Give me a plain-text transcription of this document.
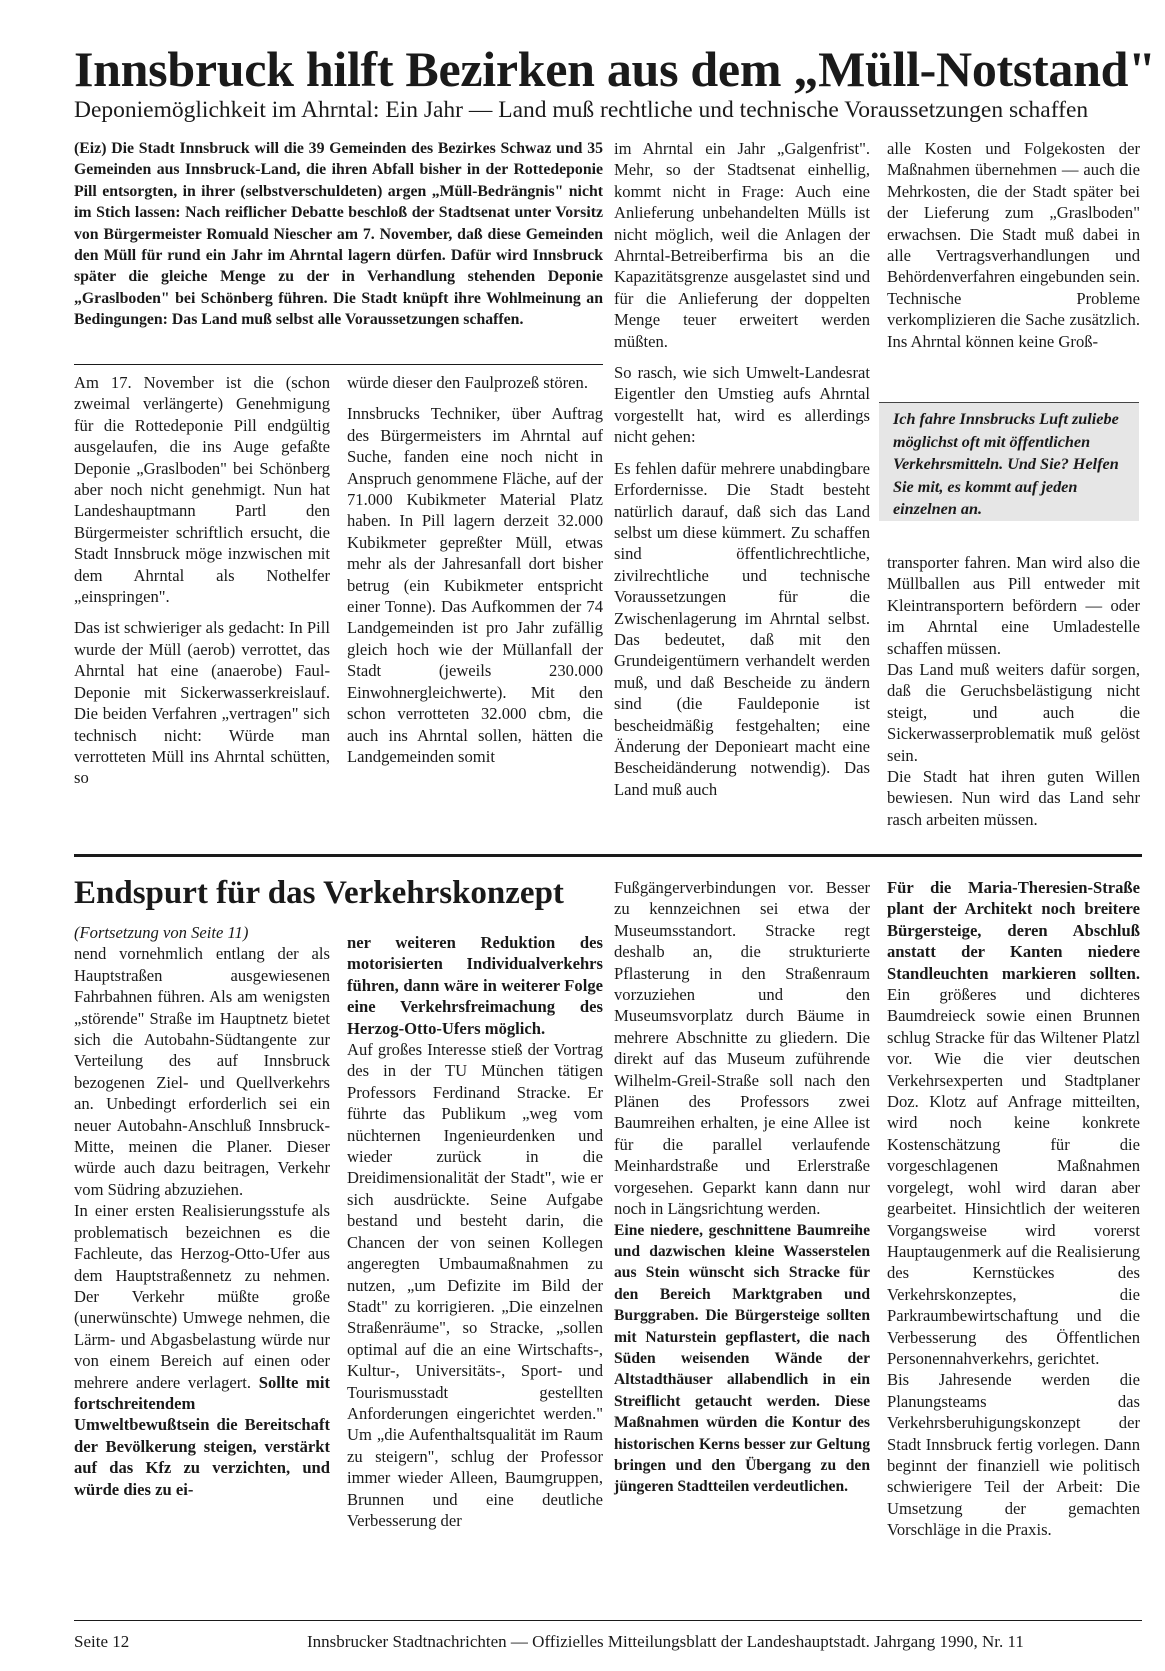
Innsbruck hilft Bezirken aus dem „Müll-Notstand"
Deponiemöglichkeit im Ahrntal: Ein Jahr — Land muß rechtliche und technische Voraussetzungen schaffen
(Eiz) Die Stadt Innsbruck will die 39 Gemeinden des Bezirkes Schwaz und 35 Gemeinden aus Innsbruck-Land, die ihren Abfall bisher in der Rottedeponie Pill entsorgten, in ihrer (selbstverschuldeten) argen „Müll-Bedrängnis" nicht im Stich lassen: Nach reiflicher Debatte beschloß der Stadtsenat unter Vorsitz von Bürgermeister Romuald Niescher am 7. November, daß diese Gemeinden den Müll für rund ein Jahr im Ahrntal lagern dürfen. Dafür wird Innsbruck später die gleiche Menge zu der in Verhandlung stehenden Deponie „Graslboden" bei Schönberg führen. Die Stadt knüpft ihre Wohlmeinung an Bedingungen: Das Land muß selbst alle Voraussetzungen schaffen.

Am 17. November ist die (schon zweimal verlängerte) Genehmigung für die Rottedeponie Pill endgültig ausgelaufen, die ins Auge gefaßte Deponie „Graslboden" bei Schönberg aber noch nicht genehmigt. Nun hat Landeshauptmann Partl den Bürgermeister schriftlich ersucht, die Stadt Innsbruck möge inzwischen mit dem Ahrntal als Nothelfer „einspringen".

Das ist schwieriger als gedacht: In Pill wurde der Müll (aerob) verrottet, das Ahrntal hat eine (anaerobe) Faul-Deponie mit Sickerwasserkreislauf. Die beiden Verfahren „vertragen" sich technisch nicht: Würde man verrotteten Müll ins Ahrntal schütten, so

würde dieser den Faulprozeß stören.

Innsbrucks Techniker, über Auftrag des Bürgermeisters im Ahrntal auf Suche, fanden eine noch nicht in Anspruch genommene Fläche, auf der 71.000 Kubikmeter Material Platz haben. In Pill lagern derzeit 32.000 Kubikmeter gepreßter Müll, etwas mehr als der Jahresanfall dort bisher betrug (ein Kubikmeter entspricht einer Tonne). Das Aufkommen der 74 Landgemeinden ist pro Jahr zufällig gleich hoch wie der Müllanfall der Stadt (jeweils 230.000 Einwohnergleichwerte). Mit den schon verrotteten 32.000 cbm, die auch ins Ahrntal sollen, hätten die Landgemeinden somit

im Ahrntal ein Jahr „Galgenfrist". Mehr, so der Stadtsenat einhellig, kommt nicht in Frage: Auch eine Anlieferung unbehandelten Mülls ist nicht möglich, weil die Anlagen der Ahrntal-Betreiberfirma bis an die Kapazitätsgrenze ausgelastet sind und für die Anlieferung der doppelten Menge teuer erweitert werden müßten.

So rasch, wie sich Umwelt-Landesrat Eigentler den Umstieg aufs Ahrntal vorgestellt hat, wird es allerdings nicht gehen:

Es fehlen dafür mehrere unabdingbare Erfordernisse. Die Stadt besteht natürlich darauf, daß sich das Land selbst um diese kümmert. Zu schaffen sind öffentlichrechtliche, zivilrechtliche und technische Voraussetzungen für die Zwischenlagerung im Ahrntal selbst. Das bedeutet, daß mit den Grundeigentümern verhandelt werden muß, und daß Bescheide zu ändern sind (die Fauldeponie ist bescheidmäßig festgehalten; eine Änderung der Deponieart macht eine Bescheidänderung notwendig). Das Land muß auch

alle Kosten und Folgekosten der Maßnahmen übernehmen — auch die Mehrkosten, die der Stadt später bei der Lieferung zum „Graslboden" erwachsen. Die Stadt muß dabei in alle Vertragsverhandlungen und Behördenverfahren eingebunden sein. Technische Probleme verkomplizieren die Sache zusätzlich. Ins Ahrntal können keine Groß-

Ich fahre Innsbrucks Luft zuliebe möglichst oft mit öffentlichen Verkehrsmitteln. Und Sie? Helfen Sie mit, es kommt auf jeden einzelnen an.

transporter fahren. Man wird also die Müllballen aus Pill entweder mit Kleintransportern befördern — oder im Ahrntal eine Umladestelle schaffen müssen.

Das Land muß weiters dafür sorgen, daß die Geruchsbelästigung nicht steigt, und auch die Sickerwasserproblematik muß gelöst sein.

Die Stadt hat ihren guten Willen bewiesen. Nun wird das Land sehr rasch arbeiten müssen.

Endspurt für das Verkehrskonzept

(Fortsetzung von Seite 11)

nend vornehmlich entlang der als Hauptstraßen ausgewiesenen Fahrbahnen führen. Als am wenigsten „störende" Straße im Hauptnetz bietet sich die Autobahn-Südtangente zur Verteilung des auf Innsbruck bezogenen Ziel- und Quellverkehrs an. Unbedingt erforderlich sei ein neuer Autobahn-Anschluß Innsbruck-Mitte, meinen die Planer. Dieser würde auch dazu beitragen, Verkehr vom Südring abzuziehen.

In einer ersten Realisierungsstufe als problematisch bezeichnen es die Fachleute, das Herzog-Otto-Ufer aus dem Hauptstraßennetz zu nehmen. Der Verkehr müßte große (unerwünschte) Umwege nehmen, die Lärm- und Abgasbelastung würde nur von einem Bereich auf einen oder mehrere andere verlagert. Sollte mit fortschreitendem Umweltbewußtsein die Bereitschaft der Bevölkerung steigen, verstärkt auf das Kfz zu verzichten, und würde dies zu ei-

ner weiteren Reduktion des motorisierten Individualverkehrs führen, dann wäre in weiterer Folge eine Verkehrsfreimachung des Herzog-Otto-Ufers möglich.

Auf großes Interesse stieß der Vortrag des in der TU München tätigen Professors Ferdinand Stracke. Er führte das Publikum „weg vom nüchternen Ingenieurdenken und wieder zurück in die Dreidimensionalität der Stadt", wie er sich ausdrückte. Seine Aufgabe bestand und besteht darin, die Chancen der von seinen Kollegen angeregten Umbaumaßnahmen zu nutzen, „um Defizite im Bild der Stadt" zu korrigieren. „Die einzelnen Straßenräume", so Stracke, „sollen optimal auf die an eine Wirtschafts-, Kultur-, Universitäts-, Sport- und Tourismusstadt gestellten Anforderungen eingerichtet werden." Um „die Aufenthaltsqualität im Raum zu steigern", schlug der Professor immer wieder Alleen, Baumgruppen, Brunnen und eine deutliche Verbesserung der

Fußgängerverbindungen vor. Besser zu kennzeichnen sei etwa der Museumsstandort. Stracke regt deshalb an, die strukturierte Pflasterung in den Straßenraum vorzuziehen und den Museumsvorplatz durch Bäume in mehrere Abschnitte zu gliedern. Die direkt auf das Museum zuführende Wilhelm-Greil-Straße soll nach den Plänen des Professors zwei Baumreihen erhalten, je eine Allee ist für die parallel verlaufende Meinhardstraße und Erlerstraße vorgesehen. Geparkt kann dann nur noch in Längsrichtung werden.

Eine niedere, geschnittene Baumreihe und dazwischen kleine Wasserstelen aus Stein wünscht sich Stracke für den Bereich Marktgraben und Burggraben. Die Bürgersteige sollten mit Naturstein gepflastert, die nach Süden weisenden Wände der Altstadthäuser allabendlich in ein Streiflicht getaucht werden. Diese Maßnahmen würden die Kontur des historischen Kerns besser zur Geltung bringen und den Übergang zu den jüngeren Stadtteilen verdeutlichen.

Für die Maria-Theresien-Straße plant der Architekt noch breitere Bürgersteige, deren Abschluß anstatt der Kanten niedere Standleuchten markieren sollten. Ein größeres und dichteres Baumdreieck sowie einen Brunnen schlug Stracke für das Wiltener Platzl vor. Wie die vier deutschen Verkehrsexperten und Stadtplaner Doz. Klotz auf Anfrage mitteilten, wird noch keine konkrete Kostenschätzung für die vorgeschlagenen Maßnahmen vorgelegt, wohl wird daran aber gearbeitet. Hinsichtlich der weiteren Vorgangsweise wird vorerst Hauptaugenmerk auf die Realisierung des Kernstückes des Verkehrskonzeptes, die Parkraumbewirtschaftung und die Verbesserung des Öffentlichen Personennahverkehrs, gerichtet.

Bis Jahresende werden die Planungsteams das Verkehrsberuhigungskonzept der Stadt Innsbruck fertig vorlegen. Dann beginnt der finanziell wie politisch schwierigere Teil der Arbeit: Die Umsetzung der gemachten Vorschläge in die Praxis.

Seite 12	Innsbrucker Stadtnachrichten — Offizielles Mitteilungsblatt der Landeshauptstadt. Jahrgang 1990, Nr. 11
